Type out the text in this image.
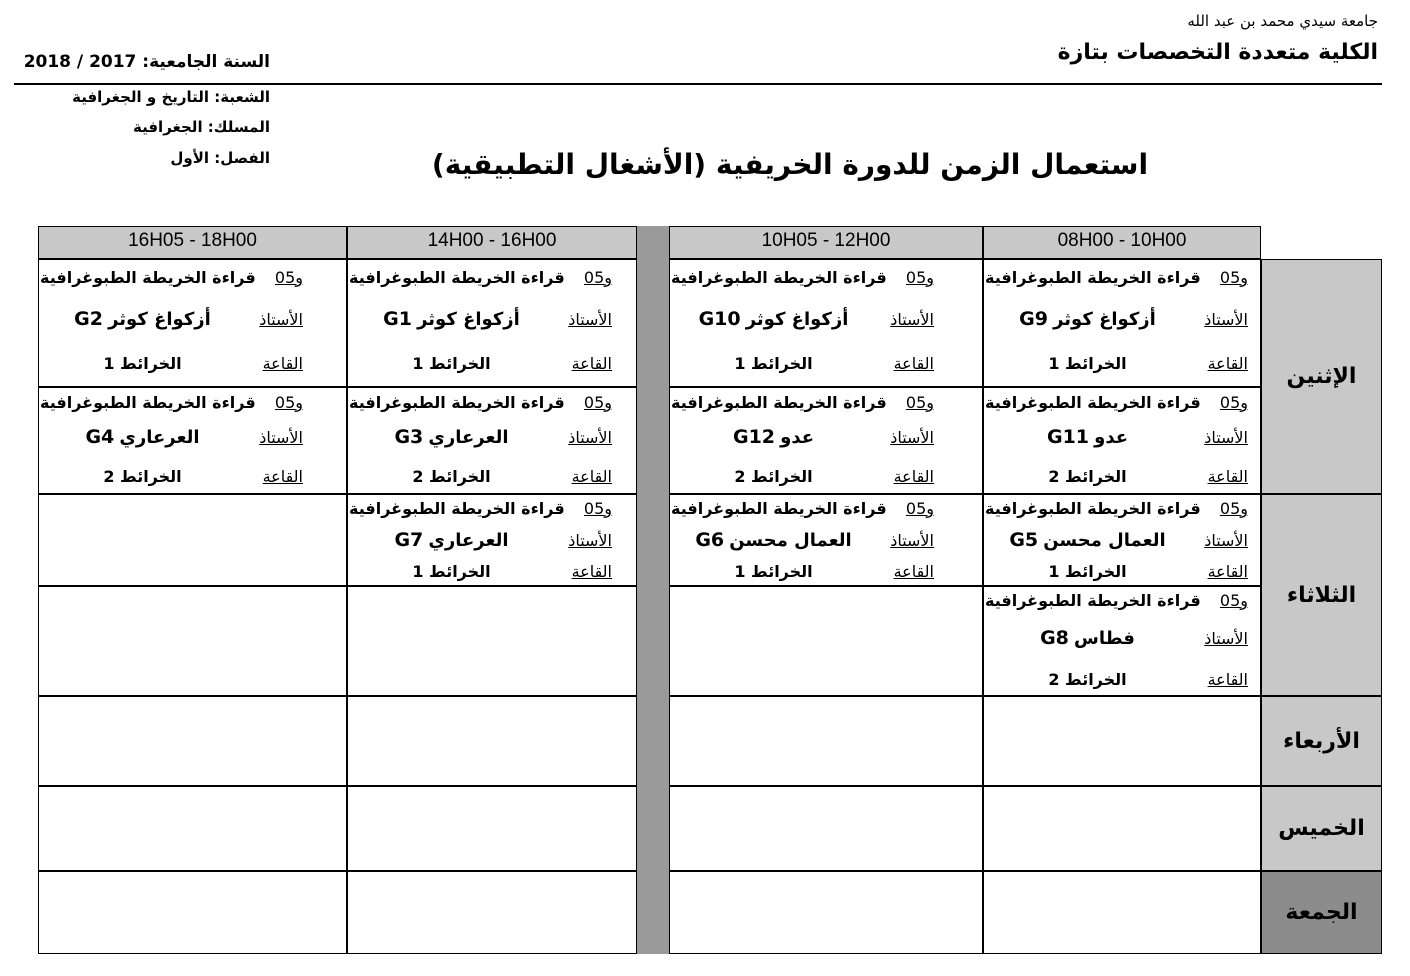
جامعة سيدي محمد بن عبد الله
الكلية متعددة التخصصات بتازة
السنة الجامعية: 2017 / 2018
الشعبة: التاريخ و الجغرافية
المسلك: الجغرافية
الفصل: الأول	استعمال الزمن للدورة الخريفية (الأشغال التطبيقية)
08H00 - 10H00
10H05 - 12H00
14H00 - 16H00
16H05 - 18H00
الإثنين
الثلاثاء
الأربعاء
الخميس
الجمعة
و05
الأستاذ
القاعة
قراءة الخريطة الطبوغرافية
G9 أزكواغ كوثر
الخرائط 1
و05
الأستاذ
القاعة
قراءة الخريطة الطبوغرافية
G10 أزكواغ كوثر
الخرائط 1
و05
الأستاذ
القاعة
قراءة الخريطة الطبوغرافية
G1 أزكواغ كوثر
الخرائط 1
و05
الأستاذ
القاعة
قراءة الخريطة الطبوغرافية
G2 أزكواغ كوثر
الخرائط 1
و05
الأستاذ
القاعة
قراءة الخريطة الطبوغرافية
G11 عدو
الخرائط 2
و05
الأستاذ
القاعة
قراءة الخريطة الطبوغرافية
G12 عدو
الخرائط 2
و05
الأستاذ
القاعة
قراءة الخريطة الطبوغرافية
G3 العرعاري
الخرائط 2
و05
الأستاذ
القاعة
قراءة الخريطة الطبوغرافية
G4 العرعاري
الخرائط 2
و05
الأستاذ
القاعة
قراءة الخريطة الطبوغرافية
G5 العمال محسن
الخرائط 1
و05
الأستاذ
القاعة
قراءة الخريطة الطبوغرافية
G6 العمال محسن
الخرائط 1
و05
الأستاذ
القاعة
قراءة الخريطة الطبوغرافية
G7 العرعاري
الخرائط 1
و05
الأستاذ
القاعة
قراءة الخريطة الطبوغرافية
G8 فطاس
الخرائط 2
